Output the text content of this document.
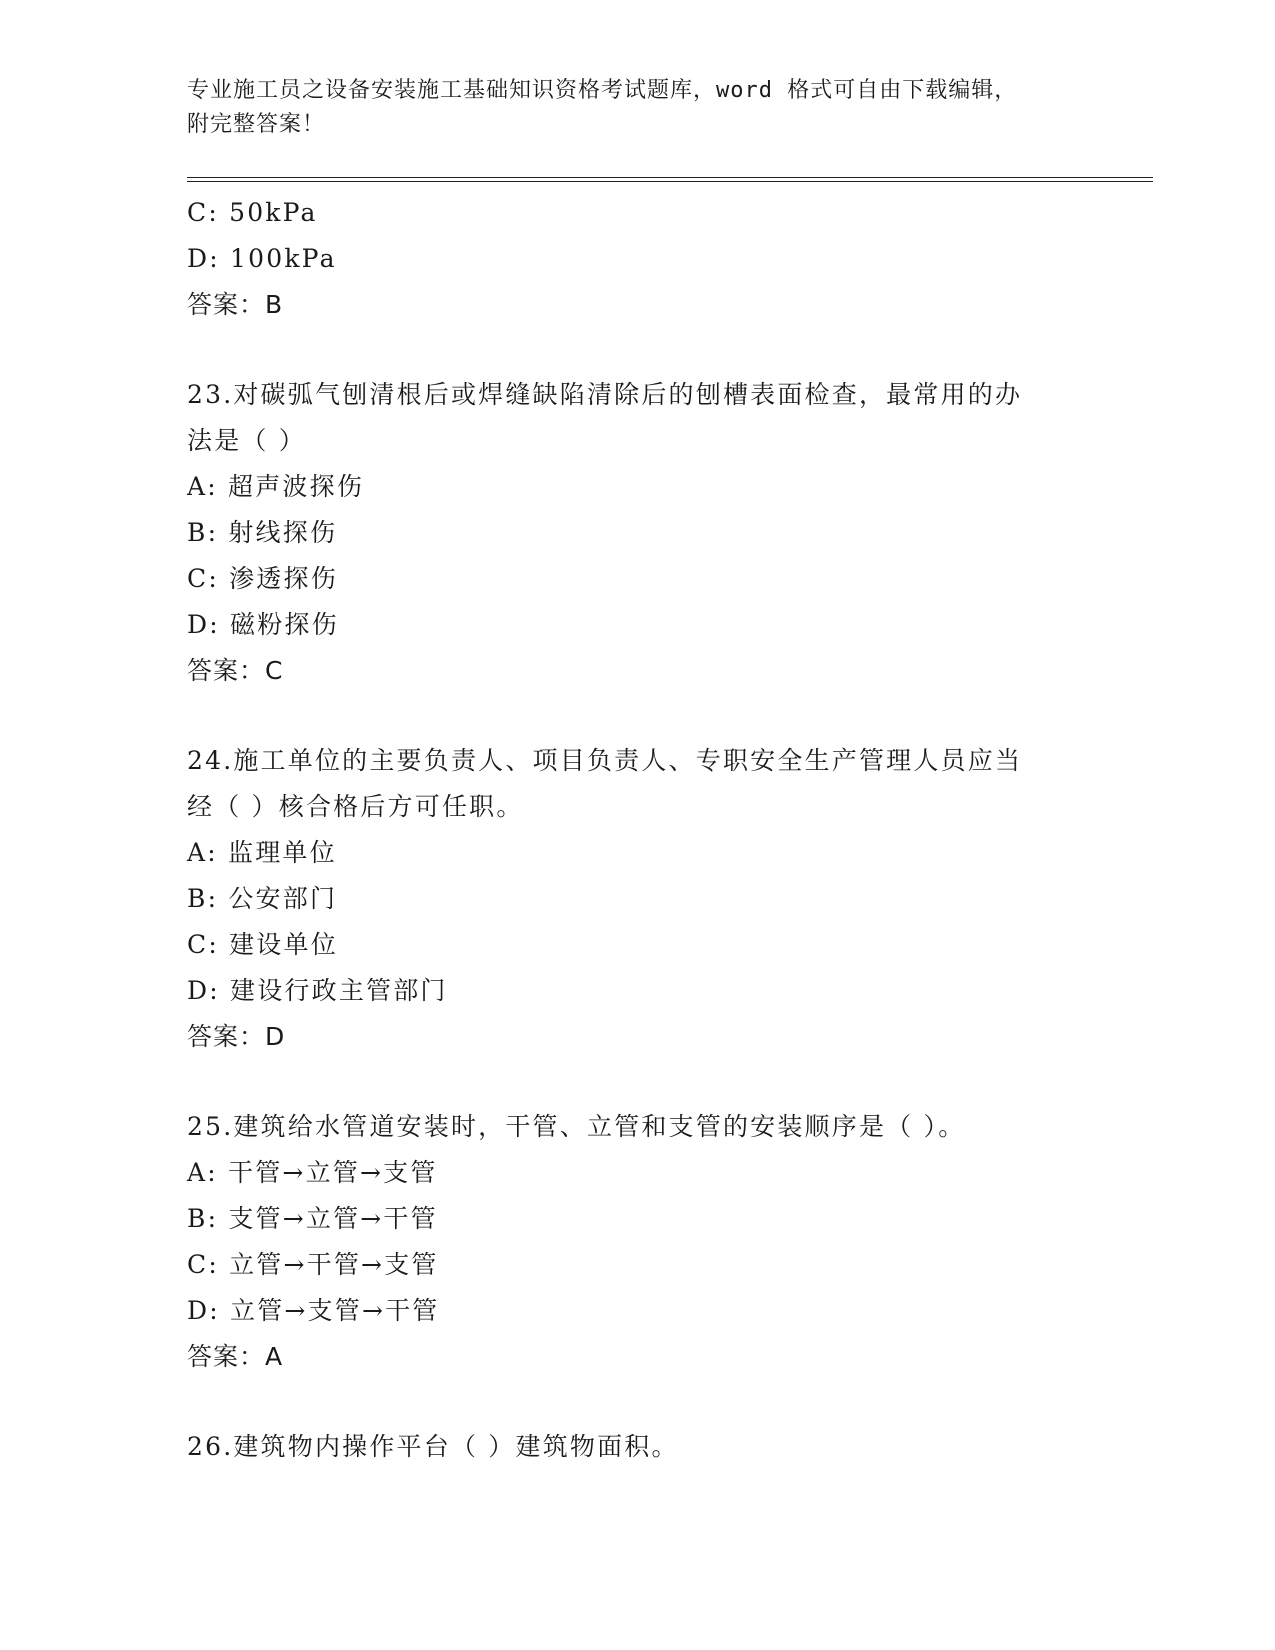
专业施工员之设备安装施工基础知识资格考试题库，word 格式可自由下载编辑，
附完整答案！
C: 50kPa
D: 100kPa
答案：B
23.对碳弧气刨清根后或焊缝缺陷清除后的刨槽表面检查，最常用的办
法是（ ）
A: 超声波探伤
B: 射线探伤
C: 渗透探伤
D: 磁粉探伤
答案：C
24.施工单位的主要负责人、项目负责人、专职安全生产管理人员应当
经（ ）核合格后方可任职。
A: 监理单位
B: 公安部门
C: 建设单位
D: 建设行政主管部门
答案：D
25.建筑给水管道安装时，干管、立管和支管的安装顺序是（ ）。
A: 干管→立管→支管
B: 支管→立管→干管
C: 立管→干管→支管
D: 立管→支管→干管
答案：A
26.建筑物内操作平台（ ）建筑物面积。
